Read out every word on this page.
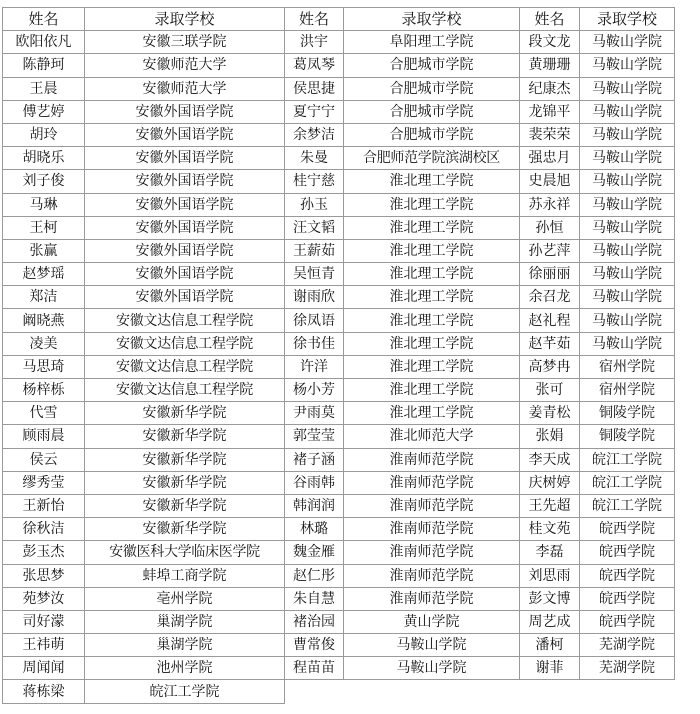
姓名	录取学校	姓名	录取学校	姓名	录取学校
欧阳依凡	安徽三联学院	洪宇	阜阳理工学院	段文龙	马鞍山学院
陈静珂	安徽师范大学	葛凤琴	合肥城市学院	黄珊珊	马鞍山学院
王晨	安徽师范大学	侯思捷	合肥城市学院	纪康杰	马鞍山学院
傅艺婷	安徽外国语学院	夏宁宁	合肥城市学院	龙锦平	马鞍山学院
胡玲	安徽外国语学院	余梦洁	合肥城市学院	裴荣荣	马鞍山学院
胡晓乐	安徽外国语学院	朱曼	合肥师范学院滨湖校区	强忠月	马鞍山学院
刘子俊	安徽外国语学院	桂宁慈	淮北理工学院	史晨旭	马鞍山学院
马琳	安徽外国语学院	孙玉	淮北理工学院	苏永祥	马鞍山学院
王柯	安徽外国语学院	汪文韬	淮北理工学院	孙恒	马鞍山学院
张赢	安徽外国语学院	王薪茹	淮北理工学院	孙艺萍	马鞍山学院
赵梦瑶	安徽外国语学院	吴恒青	淮北理工学院	徐丽丽	马鞍山学院
郑洁	安徽外国语学院	谢雨欣	淮北理工学院	余召龙	马鞍山学院
阚晓燕	安徽文达信息工程学院	徐凤语	淮北理工学院	赵礼程	马鞍山学院
凌美	安徽文达信息工程学院	徐书佳	淮北理工学院	赵芊茹	马鞍山学院
马思琦	安徽文达信息工程学院	许洋	淮北理工学院	高梦冉	宿州学院
杨梓栎	安徽文达信息工程学院	杨小芳	淮北理工学院	张可	宿州学院
代雪	安徽新华学院	尹雨莫	淮北理工学院	姜青松	铜陵学院
顾雨晨	安徽新华学院	郭莹莹	淮北师范大学	张娟	铜陵学院
侯云	安徽新华学院	褚子涵	淮南师范学院	李天成	皖江工学院
缪秀莹	安徽新华学院	谷雨韩	淮南师范学院	庆树婷	皖江工学院
王新怡	安徽新华学院	韩润润	淮南师范学院	王先超	皖江工学院
徐秋洁	安徽新华学院	林璐	淮南师范学院	桂文苑	皖西学院
彭玉杰	安徽医科大学临床医学院	魏金雁	淮南师范学院	李磊	皖西学院
张思梦	蚌埠工商学院	赵仁彤	淮南师范学院	刘思雨	皖西学院
苑梦汝	亳州学院	朱自慧	淮南师范学院	彭文博	皖西学院
司好濛	巢湖学院	褚治园	黄山学院	周艺成	皖西学院
王祎萌	巢湖学院	曹常俊	马鞍山学院	潘柯	芜湖学院
周闻闻	池州学院	程苗苗	马鞍山学院	谢菲	芜湖学院
蒋栋梁	皖江工学院				
